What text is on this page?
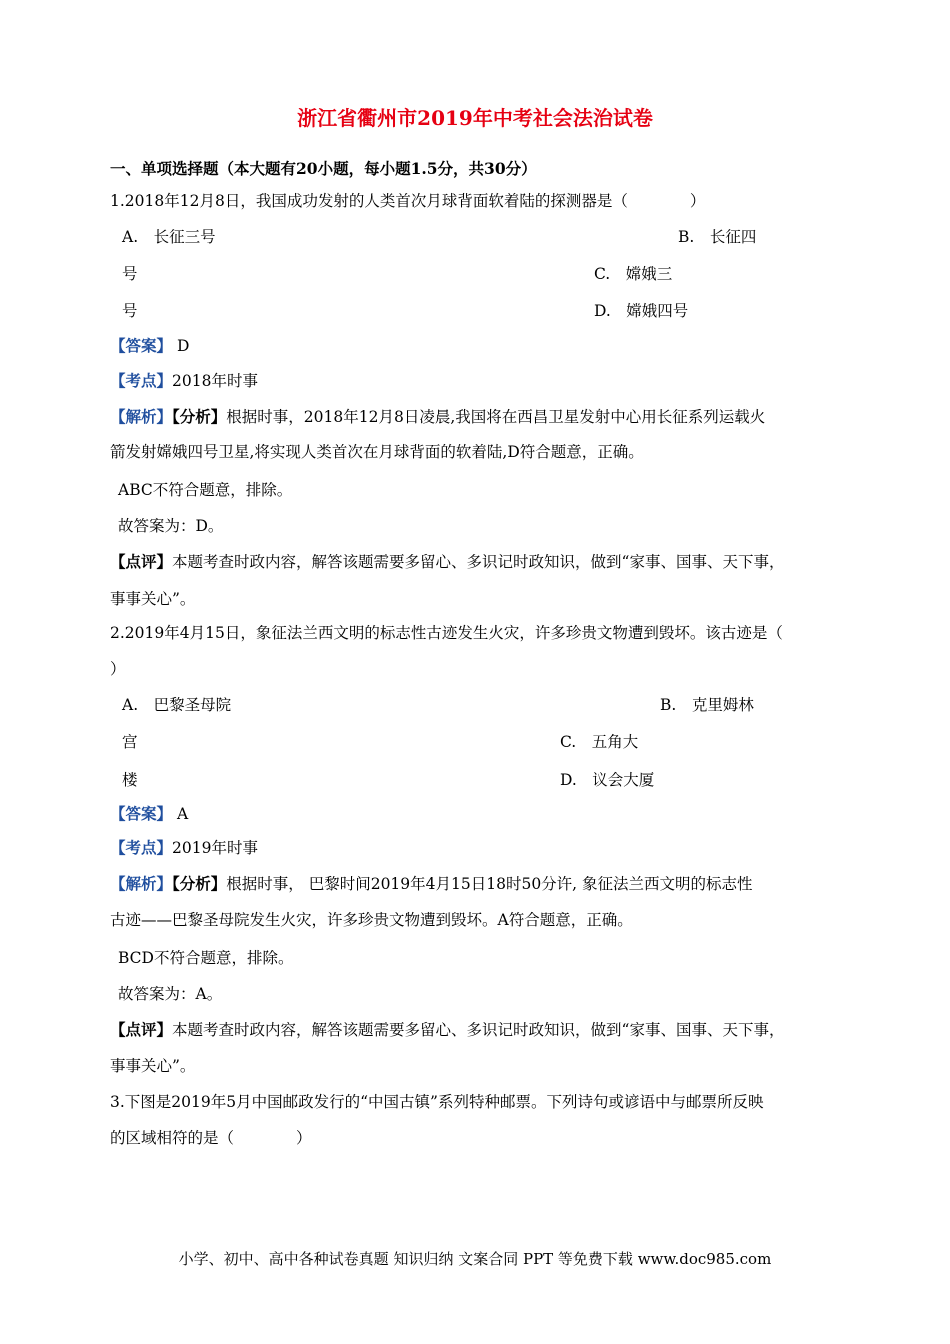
浙江省衢州市2019年中考社会法治试卷
一、单项选择题（本大题有20小题，每小题1.5分，共30分）
1.2018年12月8日，我国成功发射的人类首次月球背面软着陆的探测器是（　　　　）
A.　长征三号	B.　长征四
号	C.　嫦娥三
号	D.　嫦娥四号
【答案】 D
【考点】2018年时事
【解析】【分析】根据时事，2018年12月8日凌晨,我国将在西昌卫星发射中心用长征系列运载火
箭发射嫦娥四号卫星,将实现人类首次在月球背面的软着陆,D符合题意，正确。
ABC不符合题意，排除。
故答案为：D。
【点评】本题考查时政内容，解答该题需要多留心、多识记时政知识，做到“家事、国事、天下事，
事事关心”。
2.2019年4月15日，象征法兰西文明的标志性古迹发生火灾，许多珍贵文物遭到毁坏。该古迹是（
）
A.　巴黎圣母院	B.　克里姆林
宫	C.　五角大
楼	D.　议会大厦
【答案】 A
【考点】2019年时事
【解析】【分析】根据时事， 巴黎时间2019年4月15日18时50分许, 象征法兰西文明的标志性
古迹——巴黎圣母院发生火灾，许多珍贵文物遭到毁坏。A符合题意，正确。
BCD不符合题意，排除。
故答案为：A。
【点评】本题考查时政内容，解答该题需要多留心、多识记时政知识，做到“家事、国事、天下事，
事事关心”。
3.下图是2019年5月中国邮政发行的“中国古镇”系列特种邮票。下列诗句或谚语中与邮票所反映
的区域相符的是（　　　　）
小学、初中、高中各种试卷真题 知识归纳 文案合同 PPT 等免费下载 www.doc985.com
